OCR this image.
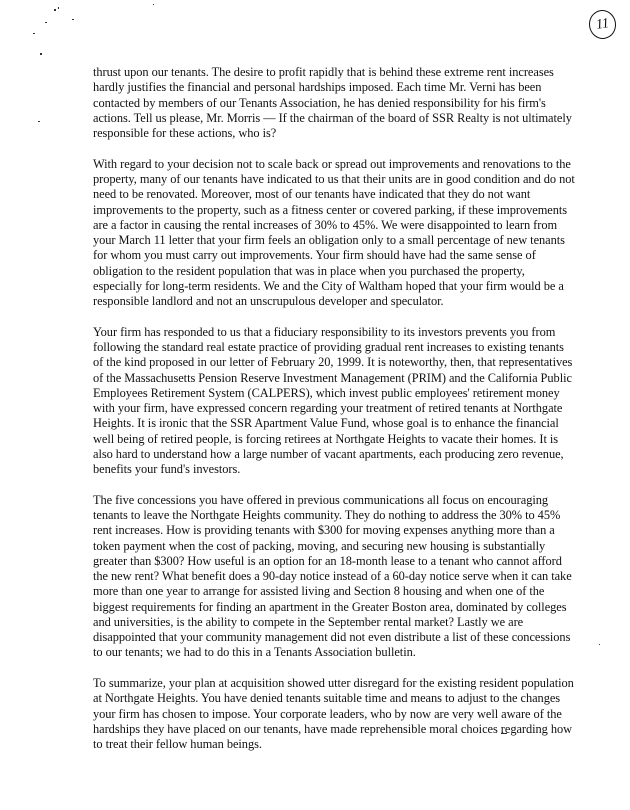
11

thrust upon our tenants. The desire to profit rapidly that is behind these extreme rent increases
hardly justifies the financial and personal hardships imposed. Each time Mr. Verni has been
contacted by members of our Tenants Association, he has denied responsibility for his firm's
actions. Tell us please, Mr. Morris — If the chairman of the board of SSR Realty is not ultimately
responsible for these actions, who is?

With regard to your decision not to scale back or spread out improvements and renovations to the
property, many of our tenants have indicated to us that their units are in good condition and do not
need to be renovated. Moreover, most of our tenants have indicated that they do not want
improvements to the property, such as a fitness center or covered parking, if these improvements
are a factor in causing the rental increases of 30% to 45%. We were disappointed to learn from
your March 11 letter that your firm feels an obligation only to a small percentage of new tenants
for whom you must carry out improvements. Your firm should have had the same sense of
obligation to the resident population that was in place when you purchased the property,
especially for long-term residents. We and the City of Waltham hoped that your firm would be a
responsible landlord and not an unscrupulous developer and speculator.

Your firm has responded to us that a fiduciary responsibility to its investors prevents you from
following the standard real estate practice of providing gradual rent increases to existing tenants
of the kind proposed in our letter of February 20, 1999. It is noteworthy, then, that representatives
of the Massachusetts Pension Reserve Investment Management (PRIM) and the California Public
Employees Retirement System (CALPERS), which invest public employees' retirement money
with your firm, have expressed concern regarding your treatment of retired tenants at Northgate
Heights. It is ironic that the SSR Apartment Value Fund, whose goal is to enhance the financial
well being of retired people, is forcing retirees at Northgate Heights to vacate their homes. It is
also hard to understand how a large number of vacant apartments, each producing zero revenue,
benefits your fund's investors.

The five concessions you have offered in previous communications all focus on encouraging
tenants to leave the Northgate Heights community. They do nothing to address the 30% to 45%
rent increases. How is providing tenants with $300 for moving expenses anything more than a
token payment when the cost of packing, moving, and securing new housing is substantially
greater than $300? How useful is an option for an 18-month lease to a tenant who cannot afford
the new rent? What benefit does a 90-day notice instead of a 60-day notice serve when it can take
more than one year to arrange for assisted living and Section 8 housing and when one of the
biggest requirements for finding an apartment in the Greater Boston area, dominated by colleges
and universities, is the ability to compete in the September rental market? Lastly we are
disappointed that your community management did not even distribute a list of these concessions
to our tenants; we had to do this in a Tenants Association bulletin.

To summarize, your plan at acquisition showed utter disregard for the existing resident population
at Northgate Heights. You have denied tenants suitable time and means to adjust to the changes
your firm has chosen to impose. Your corporate leaders, who by now are very well aware of the
hardships they have placed on our tenants, have made reprehensible moral choices regarding how
to treat their fellow human beings.
